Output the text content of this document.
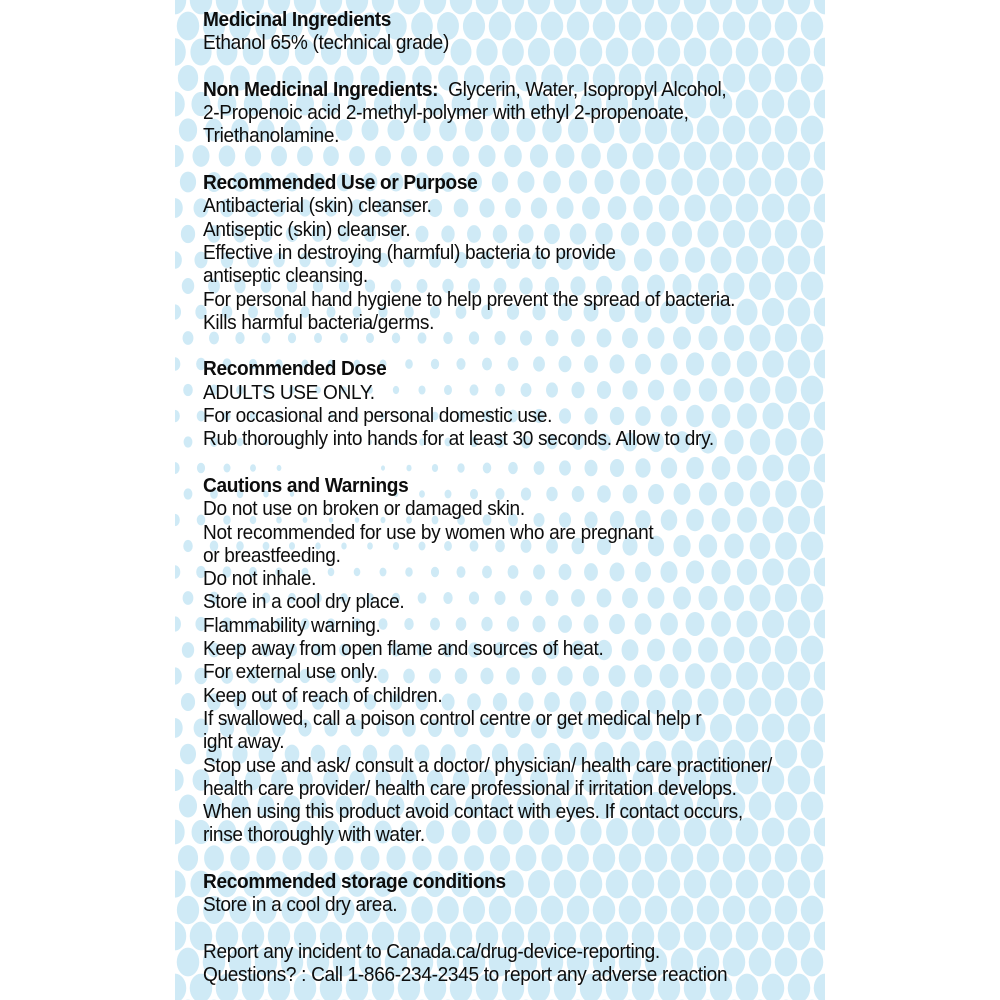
Medicinal Ingredients
Ethanol 65% (technical grade)
Non Medicinal Ingredients: Glycerin, Water, Isopropyl Alcohol,
2-Propenoic acid 2-methyl-polymer with ethyl 2-propenoate,
Triethanolamine.
Recommended Use or Purpose
Antibacterial (skin) cleanser.
Antiseptic (skin) cleanser.
Effective in destroying (harmful) bacteria to provide
antiseptic cleansing.
For personal hand hygiene to help prevent the spread of bacteria.
Kills harmful bacteria/germs.
Recommended Dose
ADULTS USE ONLY.
For occasional and personal domestic use.
Rub thoroughly into hands for at least 30 seconds. Allow to dry.
Cautions and Warnings
Do not use on broken or damaged skin.
Not recommended for use by women who are pregnant
or breastfeeding.
Do not inhale.
Store in a cool dry place.
Flammability warning.
Keep away from open flame and sources of heat.
For external use only.
Keep out of reach of children.
If swallowed, call a poison control centre or get medical help r
ight away.
Stop use and ask/ consult a doctor/ physician/ health care practitioner/
health care provider/ health care professional if irritation develops.
When using this product avoid contact with eyes. If contact occurs,
rinse thoroughly with water.
Recommended storage conditions
Store in a cool dry area.
Report any incident to Canada.ca/drug-device-reporting.
Questions? : Call 1-866-234-2345 to report any adverse reaction
